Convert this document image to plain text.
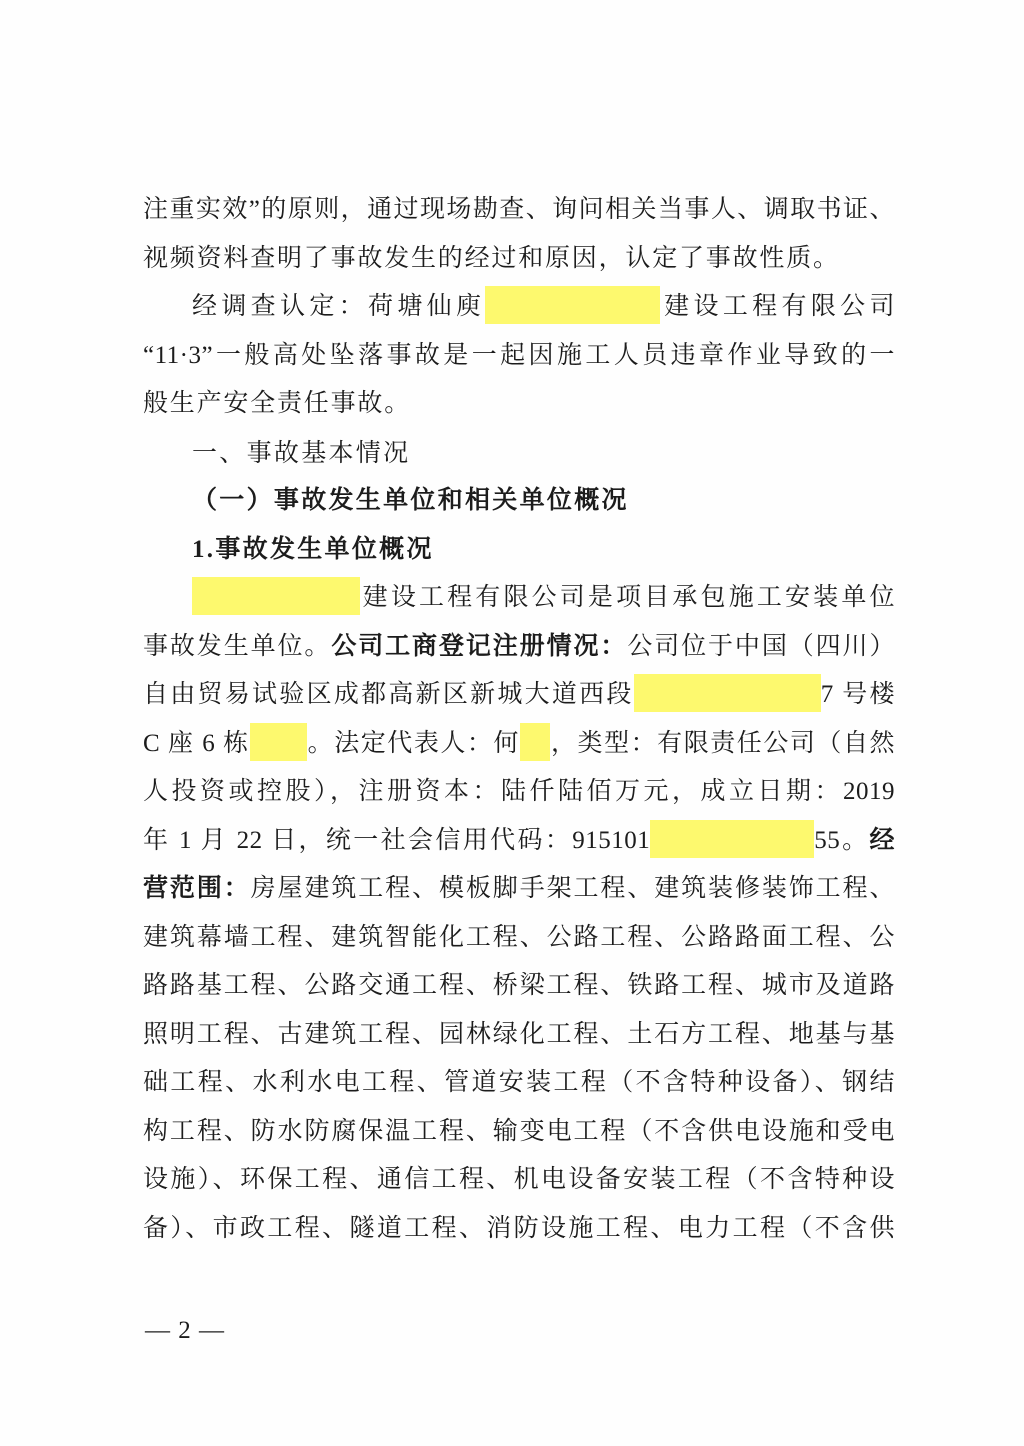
注重实效”的原则，通过现场勘查、询问相关当事人、调取书证、
视频资料查明了事故发生的经过和原因，认定了事故性质。
经调查认定：荷塘仙庾	建设工程有限公司
“11·3”一般高处坠落事故是一起因施工人员违章作业导致的一
般生产安全责任事故。
一、事故基本情况
（一）事故发生单位和相关单位概况
1.事故发生单位概况
建设工程有限公司是项目承包施工安装单位
事故发生单位。公司工商登记注册情况：公司位于中国（四川）
自由贸易试验区成都高新区新城大道西段	7 号楼
C 座 6 栋 。法定代表人：何 ，类型：有限责任公司（自然
人投资或控股），注册资本：陆仟陆佰万元，成立日期：2019
年 1 月 22 日，统一社会信用代码：915101	55。经
营范围：房屋建筑工程、模板脚手架工程、建筑装修装饰工程、
建筑幕墙工程、建筑智能化工程、公路工程、公路路面工程、公
路路基工程、公路交通工程、桥梁工程、铁路工程、城市及道路
照明工程、古建筑工程、园林绿化工程、土石方工程、地基与基
础工程、水利水电工程、管道安装工程（不含特种设备）、钢结
构工程、防水防腐保温工程、输变电工程（不含供电设施和受电
设施）、环保工程、通信工程、机电设备安装工程（不含特种设
备）、市政工程、隧道工程、消防设施工程、电力工程（不含供
— 2 —
